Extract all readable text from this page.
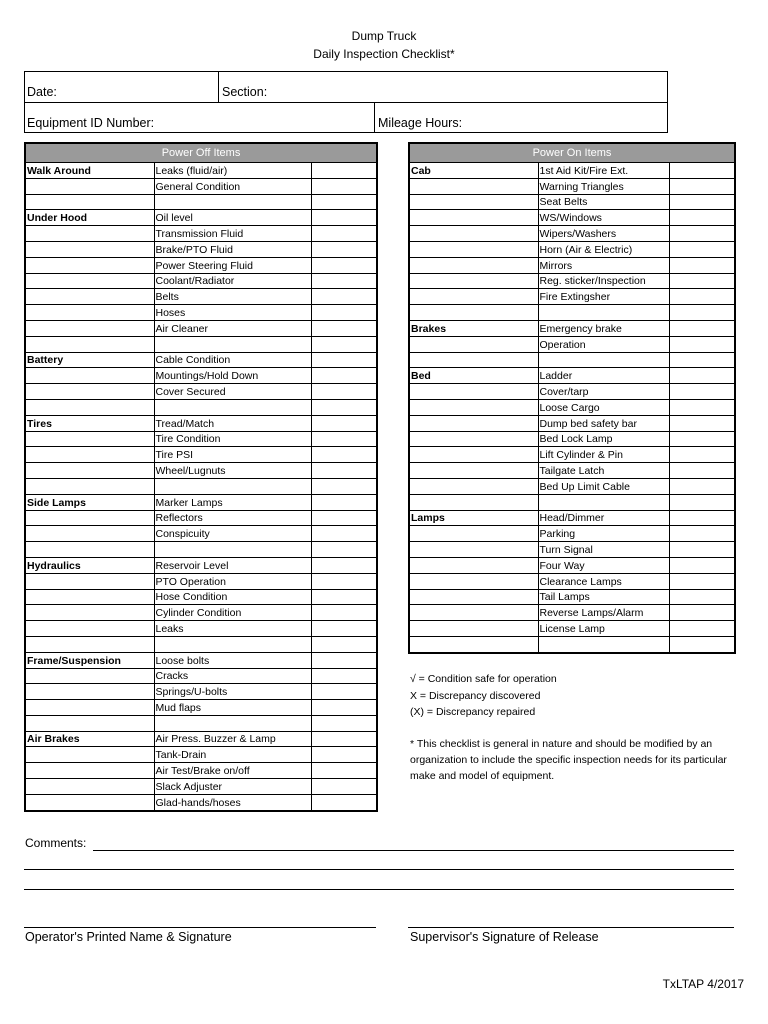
Dump Truck
Daily Inspection Checklist*
Date:	Section:
Equipment ID Number:	Mileage Hours:
Power Off Items		
Walk Around	Leaks (fluid/air)	
	General Condition	

Under Hood	Oil level	
	Transmission Fluid	
	Brake/PTO Fluid	
	Power Steering Fluid	
	Coolant/Radiator	
	Belts	
	Hoses	
	Air Cleaner	

Battery	Cable Condition	
	Mountings/Hold Down	
	Cover Secured	

Tires	Tread/Match	
	Tire Condition	
	Tire PSI	
	Wheel/Lugnuts	

Side Lamps	Marker Lamps	
	Reflectors	
	Conspicuity	

Hydraulics	Reservoir Level	
	PTO Operation	
	Hose Condition	
	Cylinder Condition	
	Leaks	

Frame/Suspension	Loose bolts	
	Cracks	
	Springs/U-bolts	
	Mud flaps	

Air Brakes	Air Press. Buzzer & Lamp	
	Tank-Drain	
	Air Test/Brake on/off	
	Slack Adjuster	
	Glad-hands/hoses	
Power On Items		
Cab	1st Aid Kit/Fire Ext.	
	Warning Triangles	
	Seat Belts	
	WS/Windows	
	Wipers/Washers	
	Horn (Air & Electric)	
	Mirrors	
	Reg. sticker/Inspection	
	Fire Extingsher	

Brakes	Emergency brake	
	Operation	

Bed	Ladder	
	Cover/tarp	
	Loose Cargo	
	Dump bed safety bar	
	Bed Lock Lamp	
	Lift Cylinder & Pin	
	Tailgate Latch	
	Bed Up Limit Cable	

Lamps	Head/Dimmer	
	Parking	
	Turn Signal	
	Four Way	
	Clearance Lamps	
	Tail Lamps	
	Reverse Lamps/Alarm	
	License Lamp	

√ = Condition safe for operation
X = Discrepancy discovered
(X) = Discrepancy repaired
* This checklist is general in nature and should be modified by an organization to include the specific inspection needs for its particular make and model of equipment.
Comments:
Operator's Printed Name & Signature	Supervisor's Signature of Release
TxLTAP 4/2017
